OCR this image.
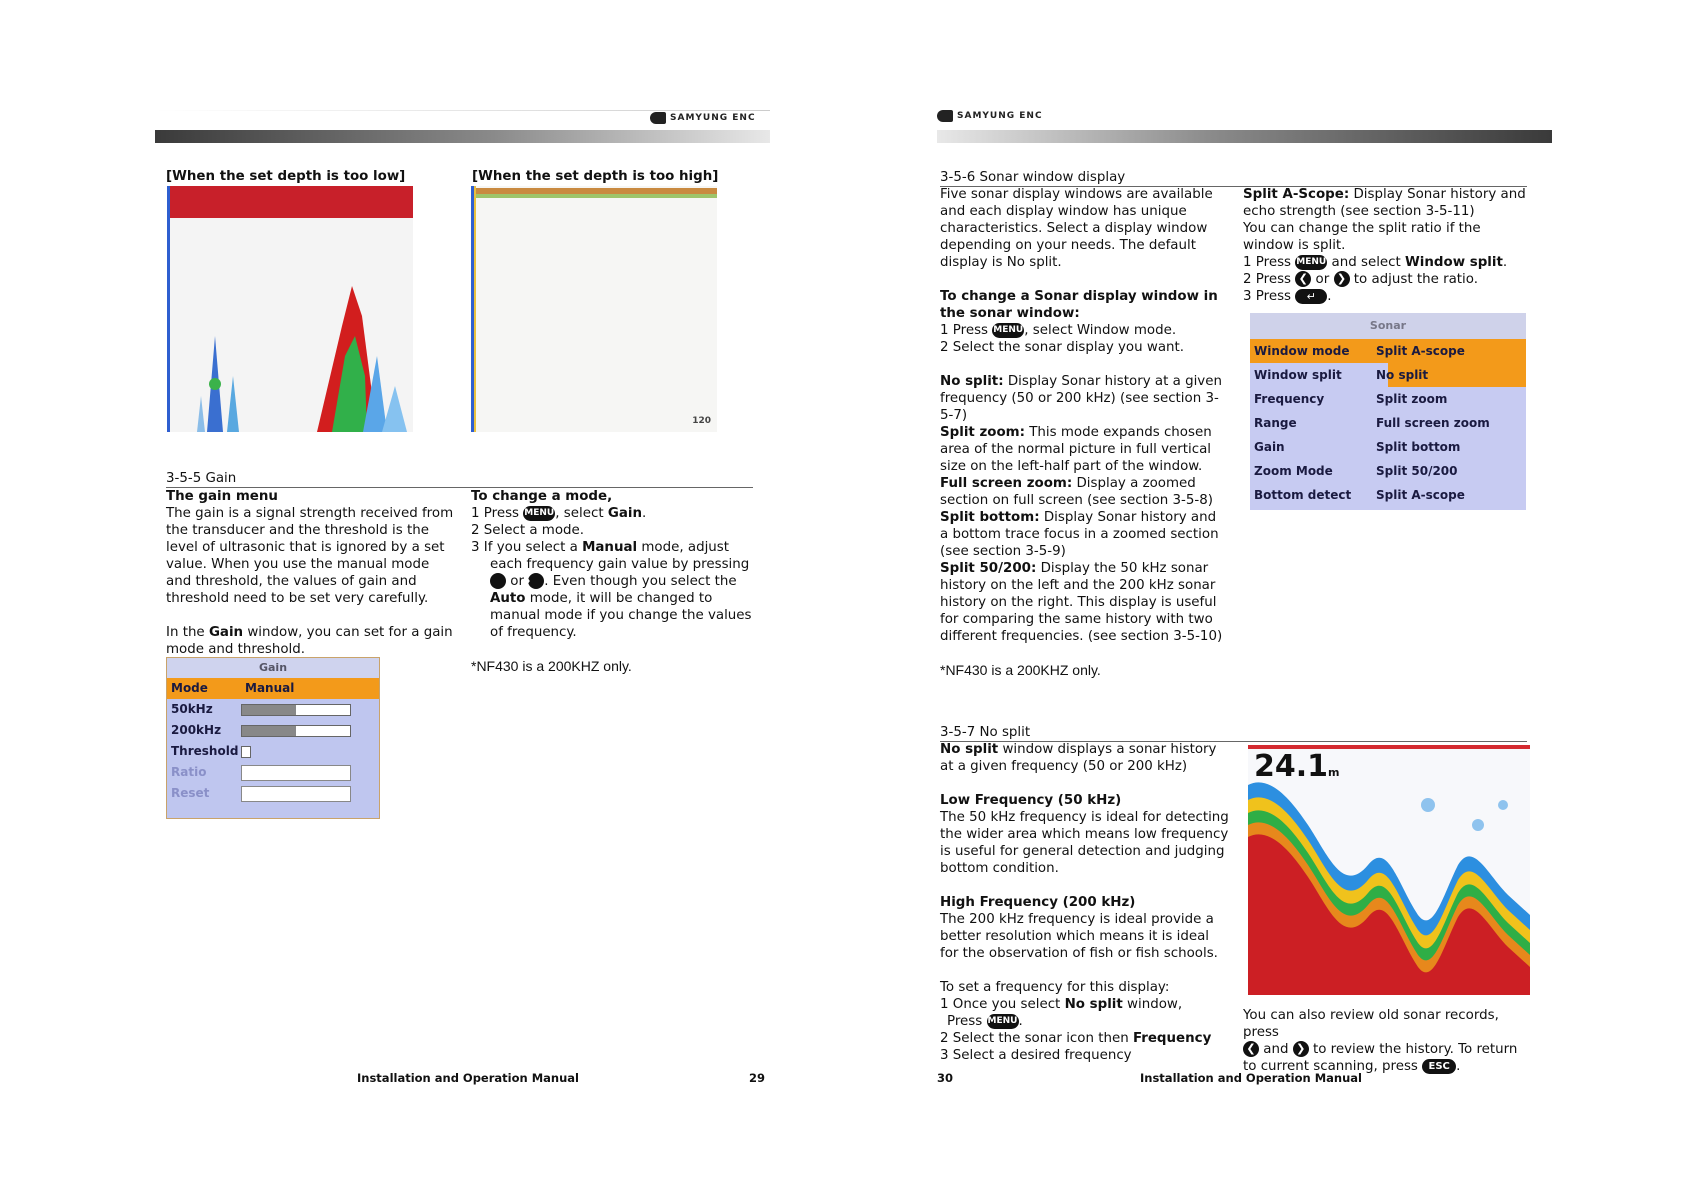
SAMYUNG ENC	SAMYUNG ENC
[When the set depth is too low]	[When the set depth is too high]
120
3-5-5 Gain

The gain menu

The gain is a signal strength received from the transducer and the threshold is the level of ultrasonic that is ignored by a set value. When you use the manual mode and threshold, the values of gain and threshold need to be set very carefully.

In the Gain window, you can set for a gain mode and threshold.

Gain
Mode	Manual
50kHz
200kHz
Threshold
Ratio
Reset

To change a mode,

1 Press MENU, select Gain.

2 Select a mode.

3 If you select a Manual mode, adjust each frequency gain value by pressing ❮ or ❯ . Even though you select the Auto mode, it will be changed to manual mode if you change the values of frequency.

*NF430 is a 200KHZ only.

Installation and Operation Manual	29
3-5-6 Sonar window display

Five sonar display windows are available and each display window has unique characteristics. Select a display window depending on your needs. The default display is No split.

To change a Sonar display window in the sonar window:

1 Press MENU, select Window mode.

2 Select the sonar display you want.

No split: Display Sonar history at a given frequency (50 or 200 kHz) (see section 3-5-7)

Split zoom: This mode expands chosen area of the normal picture in full vertical size on the left-half part of the window.

Full screen zoom: Display a zoomed section on full screen (see section 3-5-8)

Split bottom: Display Sonar history and a bottom trace focus in a zoomed section (see section 3-5-9)

Split 50/200: Display the 50 kHz sonar history on the left and the 200 kHz sonar history on the right. This display is useful for comparing the same history with two different frequencies. (see section 3-5-10)

*NF430 is a 200KHZ only.

Split A-Scope: Display Sonar history and echo strength (see section 3-5-11)

You can change the split ratio if the window is split.

1 Press MENU and select Window split.

2 Press ❮ or ❯ to adjust the ratio.

3 Press ↵ .

Sonar
Window mode	Split A-scope
Window split	No split
Frequency	Split zoom
Range	Full screen zoom
Gain	Split bottom
Zoom Mode	Split 50/200
Bottom detect	Split A-scope
3-5-7 No split

No split window displays a sonar history at a given frequency (50 or 200 kHz)

Low Frequency (50 kHz)

The 50 kHz frequency is ideal for detecting the wider area which means low frequency is useful for general detection and judging bottom condition.

High Frequency (200 kHz)

The 200 kHz frequency is ideal provide a better resolution which means it is ideal for the observation of fish or fish schools.

To set a frequency for this display:

1 Once you select No split window,

Press MENU.

2 Select the sonar icon then Frequency

3 Select a desired frequency

24.1m

You can also review old sonar records, press

❮ and ❯ to review the history. To return to current scanning, press ESC .

30	Installation and Operation Manual
